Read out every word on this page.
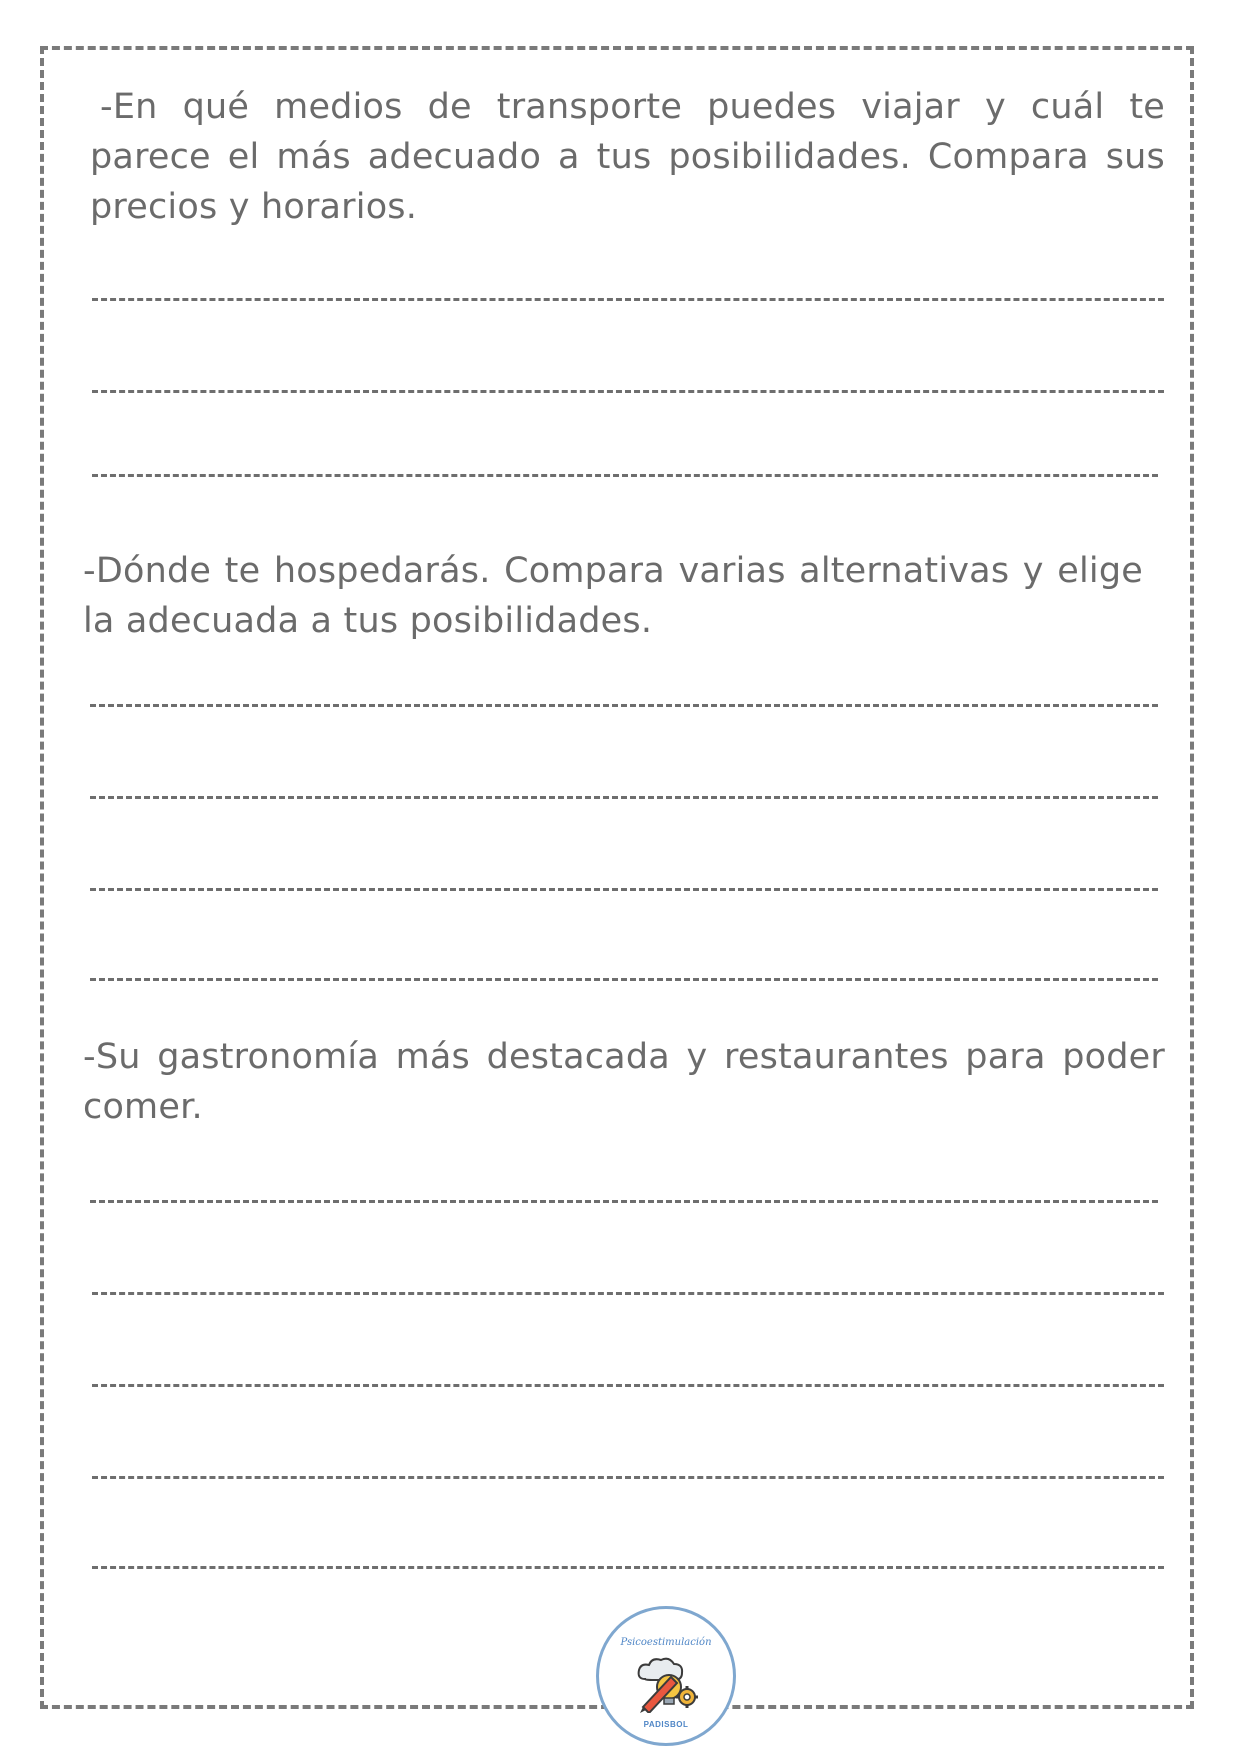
-En qué medios de transporte puedes viajar y cuál te parece el más adecuado a tus posibilidades. Compara sus precios y horarios.

-Dónde te hospedarás. Compara varias alternativas y elige la adecuada a tus posibilidades.

-Su gastronomía más destacada y restaurantes para poder comer.

Psicoestimulación
PADISBOL
